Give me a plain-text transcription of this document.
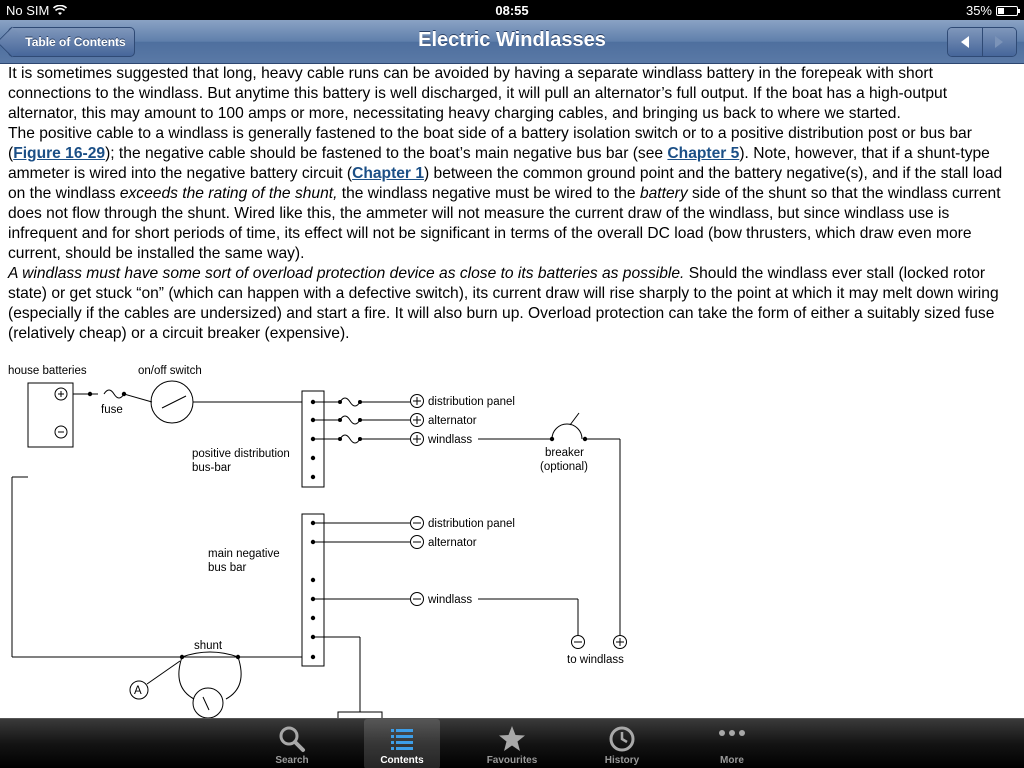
No SIM	08:55	35%
Table of Contents	Electric Windlasses

It is sometimes suggested that long, heavy cable runs can be avoided by having a separate windlass battery in the forepeak with short connections to the windlass. But anytime this battery is well discharged, it will pull an alternator’s full output. If the boat has a high-output alternator, this may amount to 100 amps or more, necessitating heavy charging cables, and bringing us back to where we started.

The positive cable to a windlass is generally fastened to the boat side of a battery isolation switch or to a positive distribution post or bus bar (Figure 16-29); the negative cable should be fastened to the boat’s main negative bus bar (see Chapter 5). Note, however, that if a shunt-type ammeter is wired into the negative battery circuit (Chapter 1) between the common ground point and the battery negative(s), and if the stall load on the windlass exceeds the rating of the shunt, the windlass negative must be wired to the battery side of the shunt so that the windlass current does not flow through the shunt. Wired like this, the ammeter will not measure the current draw of the windlass, but since windlass use is infrequent and for short periods of time, its effect will not be significant in terms of the overall DC load (bow thrusters, which draw even more current, should be installed the same way).

A windlass must have some sort of overload protection device as close to its batteries as possible. Should the windlass ever stall (locked rotor state) or get stuck “on” (which can happen with a defective switch), its current draw will rise sharply to the point at which it may melt down wiring (especially if the cables are undersized) and start a fire. It will also burn up. Overload protection can take the form of either a suitably sized fuse (relatively cheap) or a circuit breaker (expensive).

house batteries	on/off switch
fuse
positive distribution
bus-bar
distribution panel
alternator
windlass
breaker
(optional)
main negative
bus bar
distribution panel
alternator
windlass
shunt
A
to windlass
Search	Contents	Favourites	History	More
